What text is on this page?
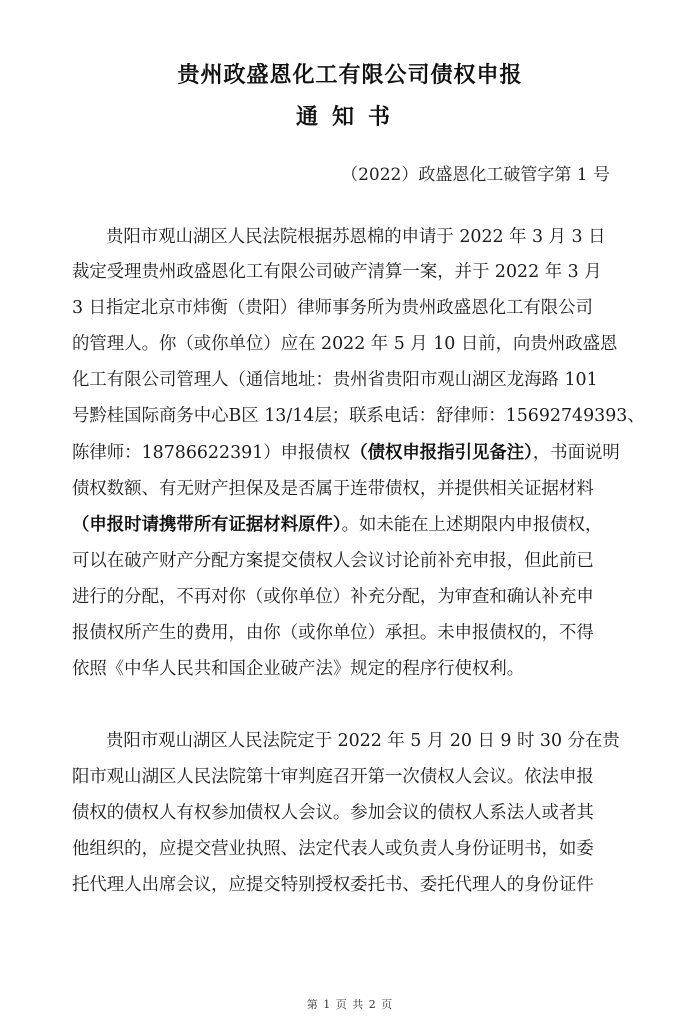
贵州政盛恩化工有限公司债权申报
通知书
（2022）政盛恩化工破管字第 1 号
贵阳市观山湖区人民法院根据苏恩棉的申请于 2022 年 3 月 3 日
裁定受理贵州政盛恩化工有限公司破产清算一案，并于 2022 年 3 月
3 日指定北京市炜衡（贵阳）律师事务所为贵州政盛恩化工有限公司
的管理人。你（或你单位）应在 2022 年 5 月 10 日前，向贵州政盛恩
化工有限公司管理人（通信地址：贵州省贵阳市观山湖区龙海路 101
号黔桂国际商务中心B区 13/14层；联系电话：舒律师：15692749393、
陈律师：18786622391）申报债权（债权申报指引见备注），书面说明
债权数额、有无财产担保及是否属于连带债权，并提供相关证据材料
（申报时请携带所有证据材料原件）。如未能在上述期限内申报债权，
可以在破产财产分配方案提交债权人会议讨论前补充申报，但此前已
进行的分配，不再对你（或你单位）补充分配，为审查和确认补充申
报债权所产生的费用，由你（或你单位）承担。未申报债权的，不得
依照《中华人民共和国企业破产法》规定的程序行使权利。
贵阳市观山湖区人民法院定于 2022 年 5 月 20 日 9 时 30 分在贵
阳市观山湖区人民法院第十审判庭召开第一次债权人会议。依法申报
债权的债权人有权参加债权人会议。参加会议的债权人系法人或者其
他组织的，应提交营业执照、法定代表人或负责人身份证明书，如委
托代理人出席会议，应提交特别授权委托书、委托代理人的身份证件
第 1 页 共 2 页
